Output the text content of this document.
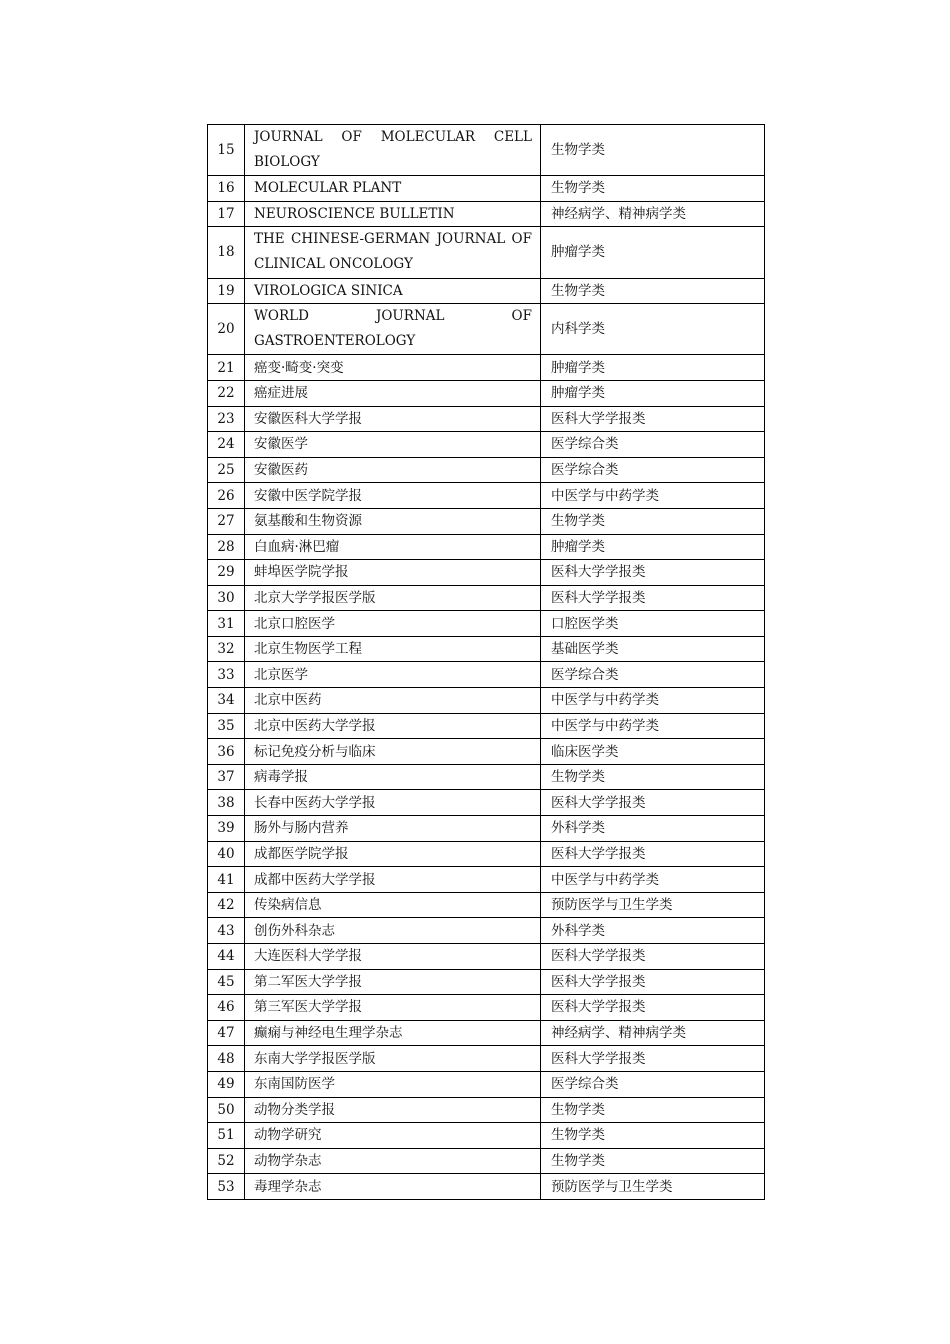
15	JOURNAL OF MOLECULAR CELL BIOLOGY	生物学类
16	MOLECULAR PLANT	生物学类
17	NEUROSCIENCE BULLETIN	神经病学、精神病学类
18	THE CHINESE-GERMAN JOURNAL OF CLINICAL ONCOLOGY	肿瘤学类
19	VIROLOGICA SINICA	生物学类
20	WORLD JOURNAL OF GASTROENTEROLOGY	内科学类
21	癌变·畸变·突变	肿瘤学类
22	癌症进展	肿瘤学类
23	安徽医科大学学报	医科大学学报类
24	安徽医学	医学综合类
25	安徽医药	医学综合类
26	安徽中医学院学报	中医学与中药学类
27	氨基酸和生物资源	生物学类
28	白血病·淋巴瘤	肿瘤学类
29	蚌埠医学院学报	医科大学学报类
30	北京大学学报医学版	医科大学学报类
31	北京口腔医学	口腔医学类
32	北京生物医学工程	基础医学类
33	北京医学	医学综合类
34	北京中医药	中医学与中药学类
35	北京中医药大学学报	中医学与中药学类
36	标记免疫分析与临床	临床医学类
37	病毒学报	生物学类
38	长春中医药大学学报	医科大学学报类
39	肠外与肠内营养	外科学类
40	成都医学院学报	医科大学学报类
41	成都中医药大学学报	中医学与中药学类
42	传染病信息	预防医学与卫生学类
43	创伤外科杂志	外科学类
44	大连医科大学学报	医科大学学报类
45	第二军医大学学报	医科大学学报类
46	第三军医大学学报	医科大学学报类
47	癫痫与神经电生理学杂志	神经病学、精神病学类
48	东南大学学报医学版	医科大学学报类
49	东南国防医学	医学综合类
50	动物分类学报	生物学类
51	动物学研究	生物学类
52	动物学杂志	生物学类
53	毒理学杂志	预防医学与卫生学类
